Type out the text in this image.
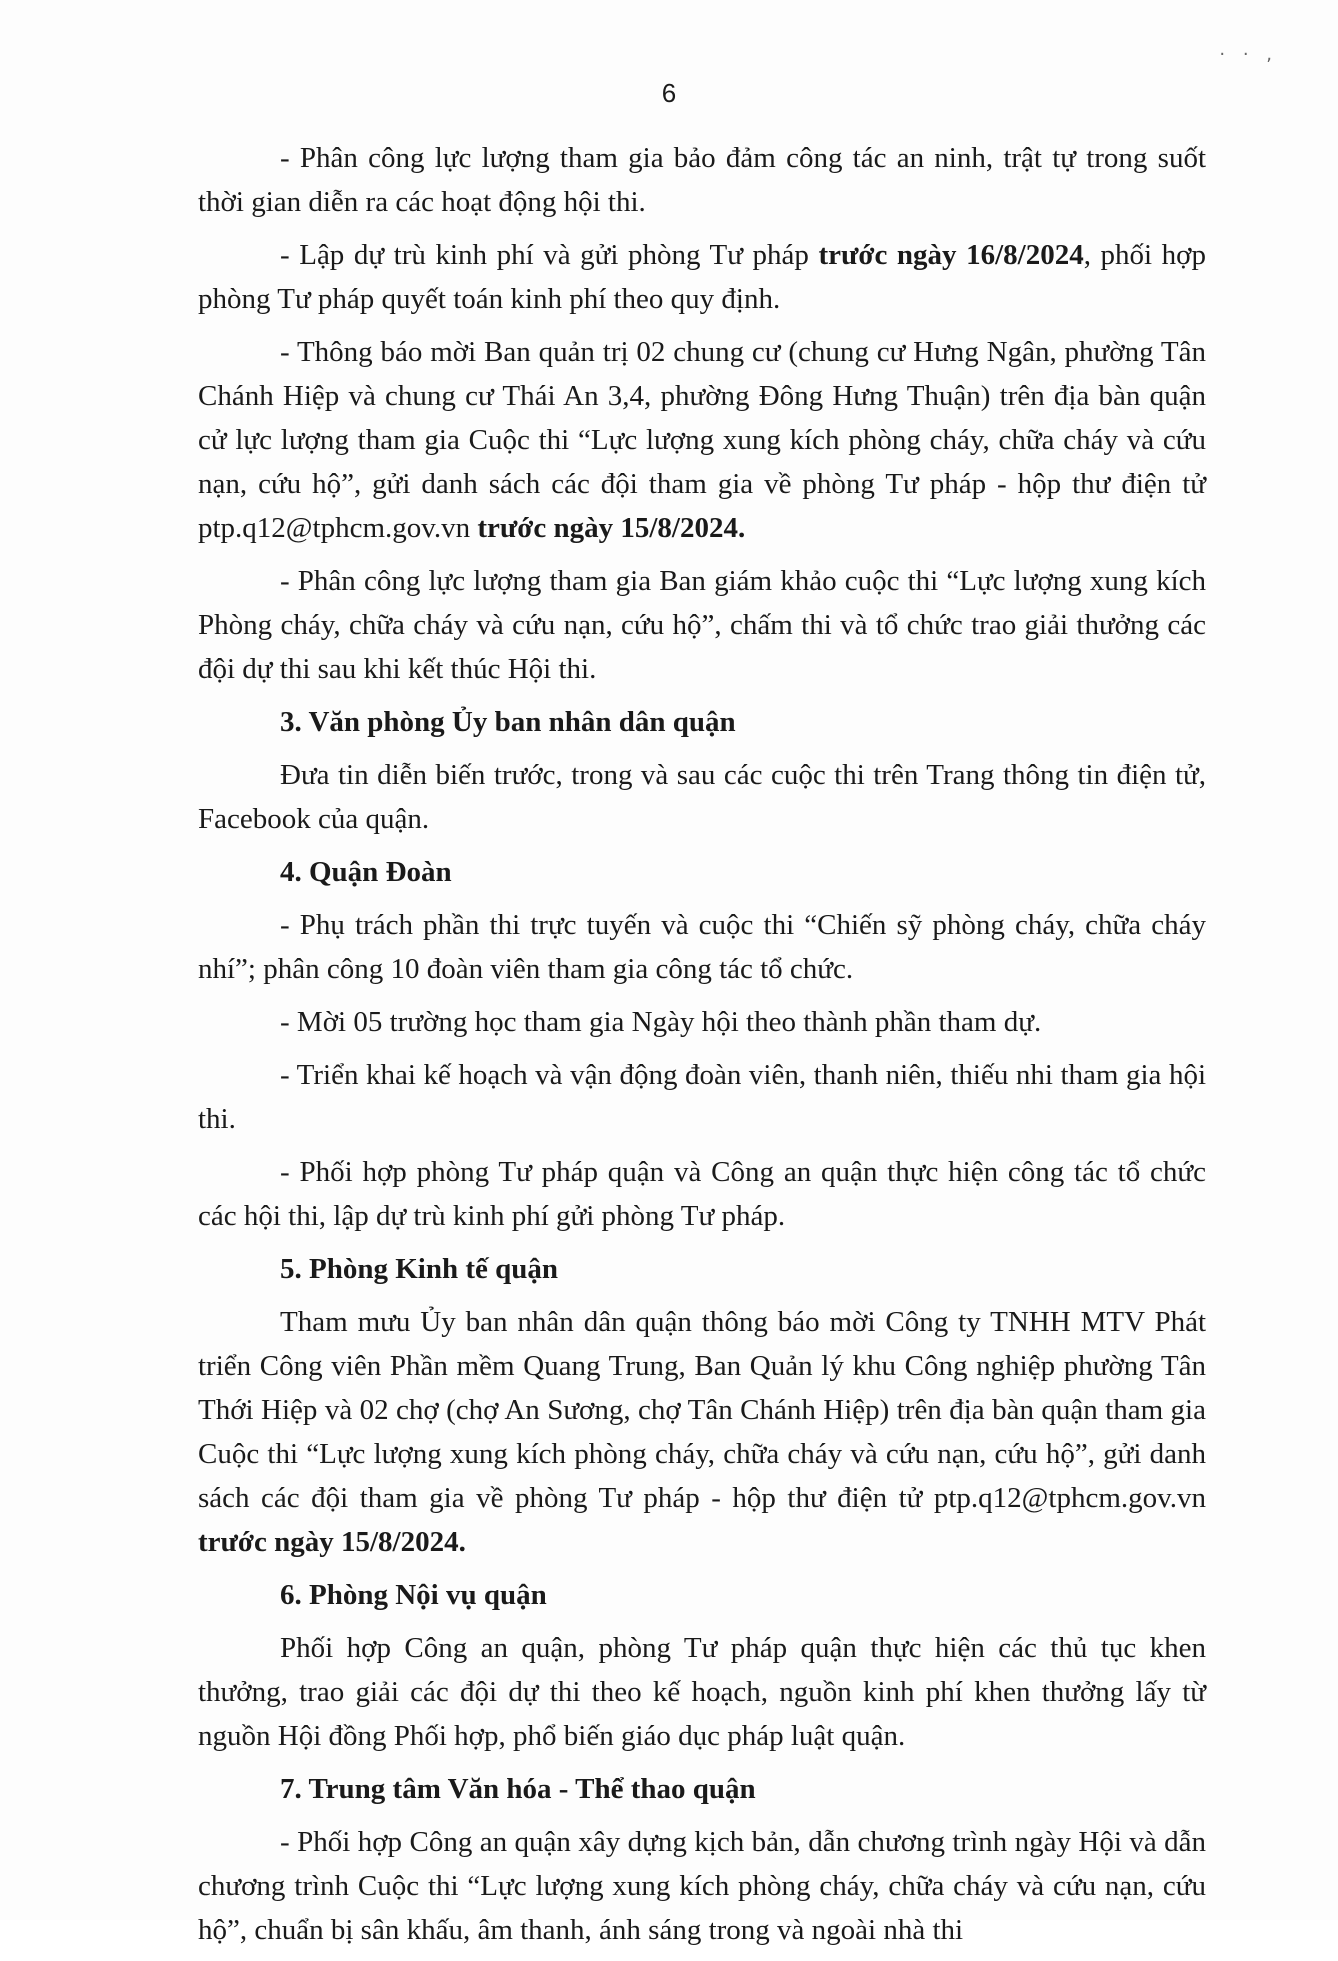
· · ,
6

- Phân công lực lượng tham gia bảo đảm công tác an ninh, trật tự trong suốt thời gian diễn ra các hoạt động hội thi.

- Lập dự trù kinh phí và gửi phòng Tư pháp trước ngày 16/8/2024, phối hợp phòng Tư pháp quyết toán kinh phí theo quy định.

- Thông báo mời Ban quản trị 02 chung cư (chung cư Hưng Ngân, phường Tân Chánh Hiệp và chung cư Thái An 3,4, phường Đông Hưng Thuận) trên địa bàn quận cử lực lượng tham gia Cuộc thi “Lực lượng xung kích phòng cháy, chữa cháy và cứu nạn, cứu hộ”, gửi danh sách các đội tham gia về phòng Tư pháp - hộp thư điện tử ptp.q12@tphcm.gov.vn trước ngày 15/8/2024.

- Phân công lực lượng tham gia Ban giám khảo cuộc thi “Lực lượng xung kích Phòng cháy, chữa cháy và cứu nạn, cứu hộ”, chấm thi và tổ chức trao giải thưởng các đội dự thi sau khi kết thúc Hội thi.

3. Văn phòng Ủy ban nhân dân quận

Đưa tin diễn biến trước, trong và sau các cuộc thi trên Trang thông tin điện tử, Facebook của quận.

4. Quận Đoàn

- Phụ trách phần thi trực tuyến và cuộc thi “Chiến sỹ phòng cháy, chữa cháy nhí”; phân công 10 đoàn viên tham gia công tác tổ chức.

- Mời 05 trường học tham gia Ngày hội theo thành phần tham dự.

- Triển khai kế hoạch và vận động đoàn viên, thanh niên, thiếu nhi tham gia hội thi.

- Phối hợp phòng Tư pháp quận và Công an quận thực hiện công tác tổ chức các hội thi, lập dự trù kinh phí gửi phòng Tư pháp.

5. Phòng Kinh tế quận

Tham mưu Ủy ban nhân dân quận thông báo mời Công ty TNHH MTV Phát triển Công viên Phần mềm Quang Trung, Ban Quản lý khu Công nghiệp phường Tân Thới Hiệp và 02 chợ (chợ An Sương, chợ Tân Chánh Hiệp) trên địa bàn quận tham gia Cuộc thi “Lực lượng xung kích phòng cháy, chữa cháy và cứu nạn, cứu hộ”, gửi danh sách các đội tham gia về phòng Tư pháp - hộp thư điện tử ptp.q12@tphcm.gov.vn trước ngày 15/8/2024.

6. Phòng Nội vụ quận

Phối hợp Công an quận, phòng Tư pháp quận thực hiện các thủ tục khen thưởng, trao giải các đội dự thi theo kế hoạch, nguồn kinh phí khen thưởng lấy từ nguồn Hội đồng Phối hợp, phổ biến giáo dục pháp luật quận.

7. Trung tâm Văn hóa - Thể thao quận

- Phối hợp Công an quận xây dựng kịch bản, dẫn chương trình ngày Hội và dẫn chương trình Cuộc thi “Lực lượng xung kích phòng cháy, chữa cháy và cứu nạn, cứu hộ”, chuẩn bị sân khấu, âm thanh, ánh sáng trong và ngoài nhà thi
